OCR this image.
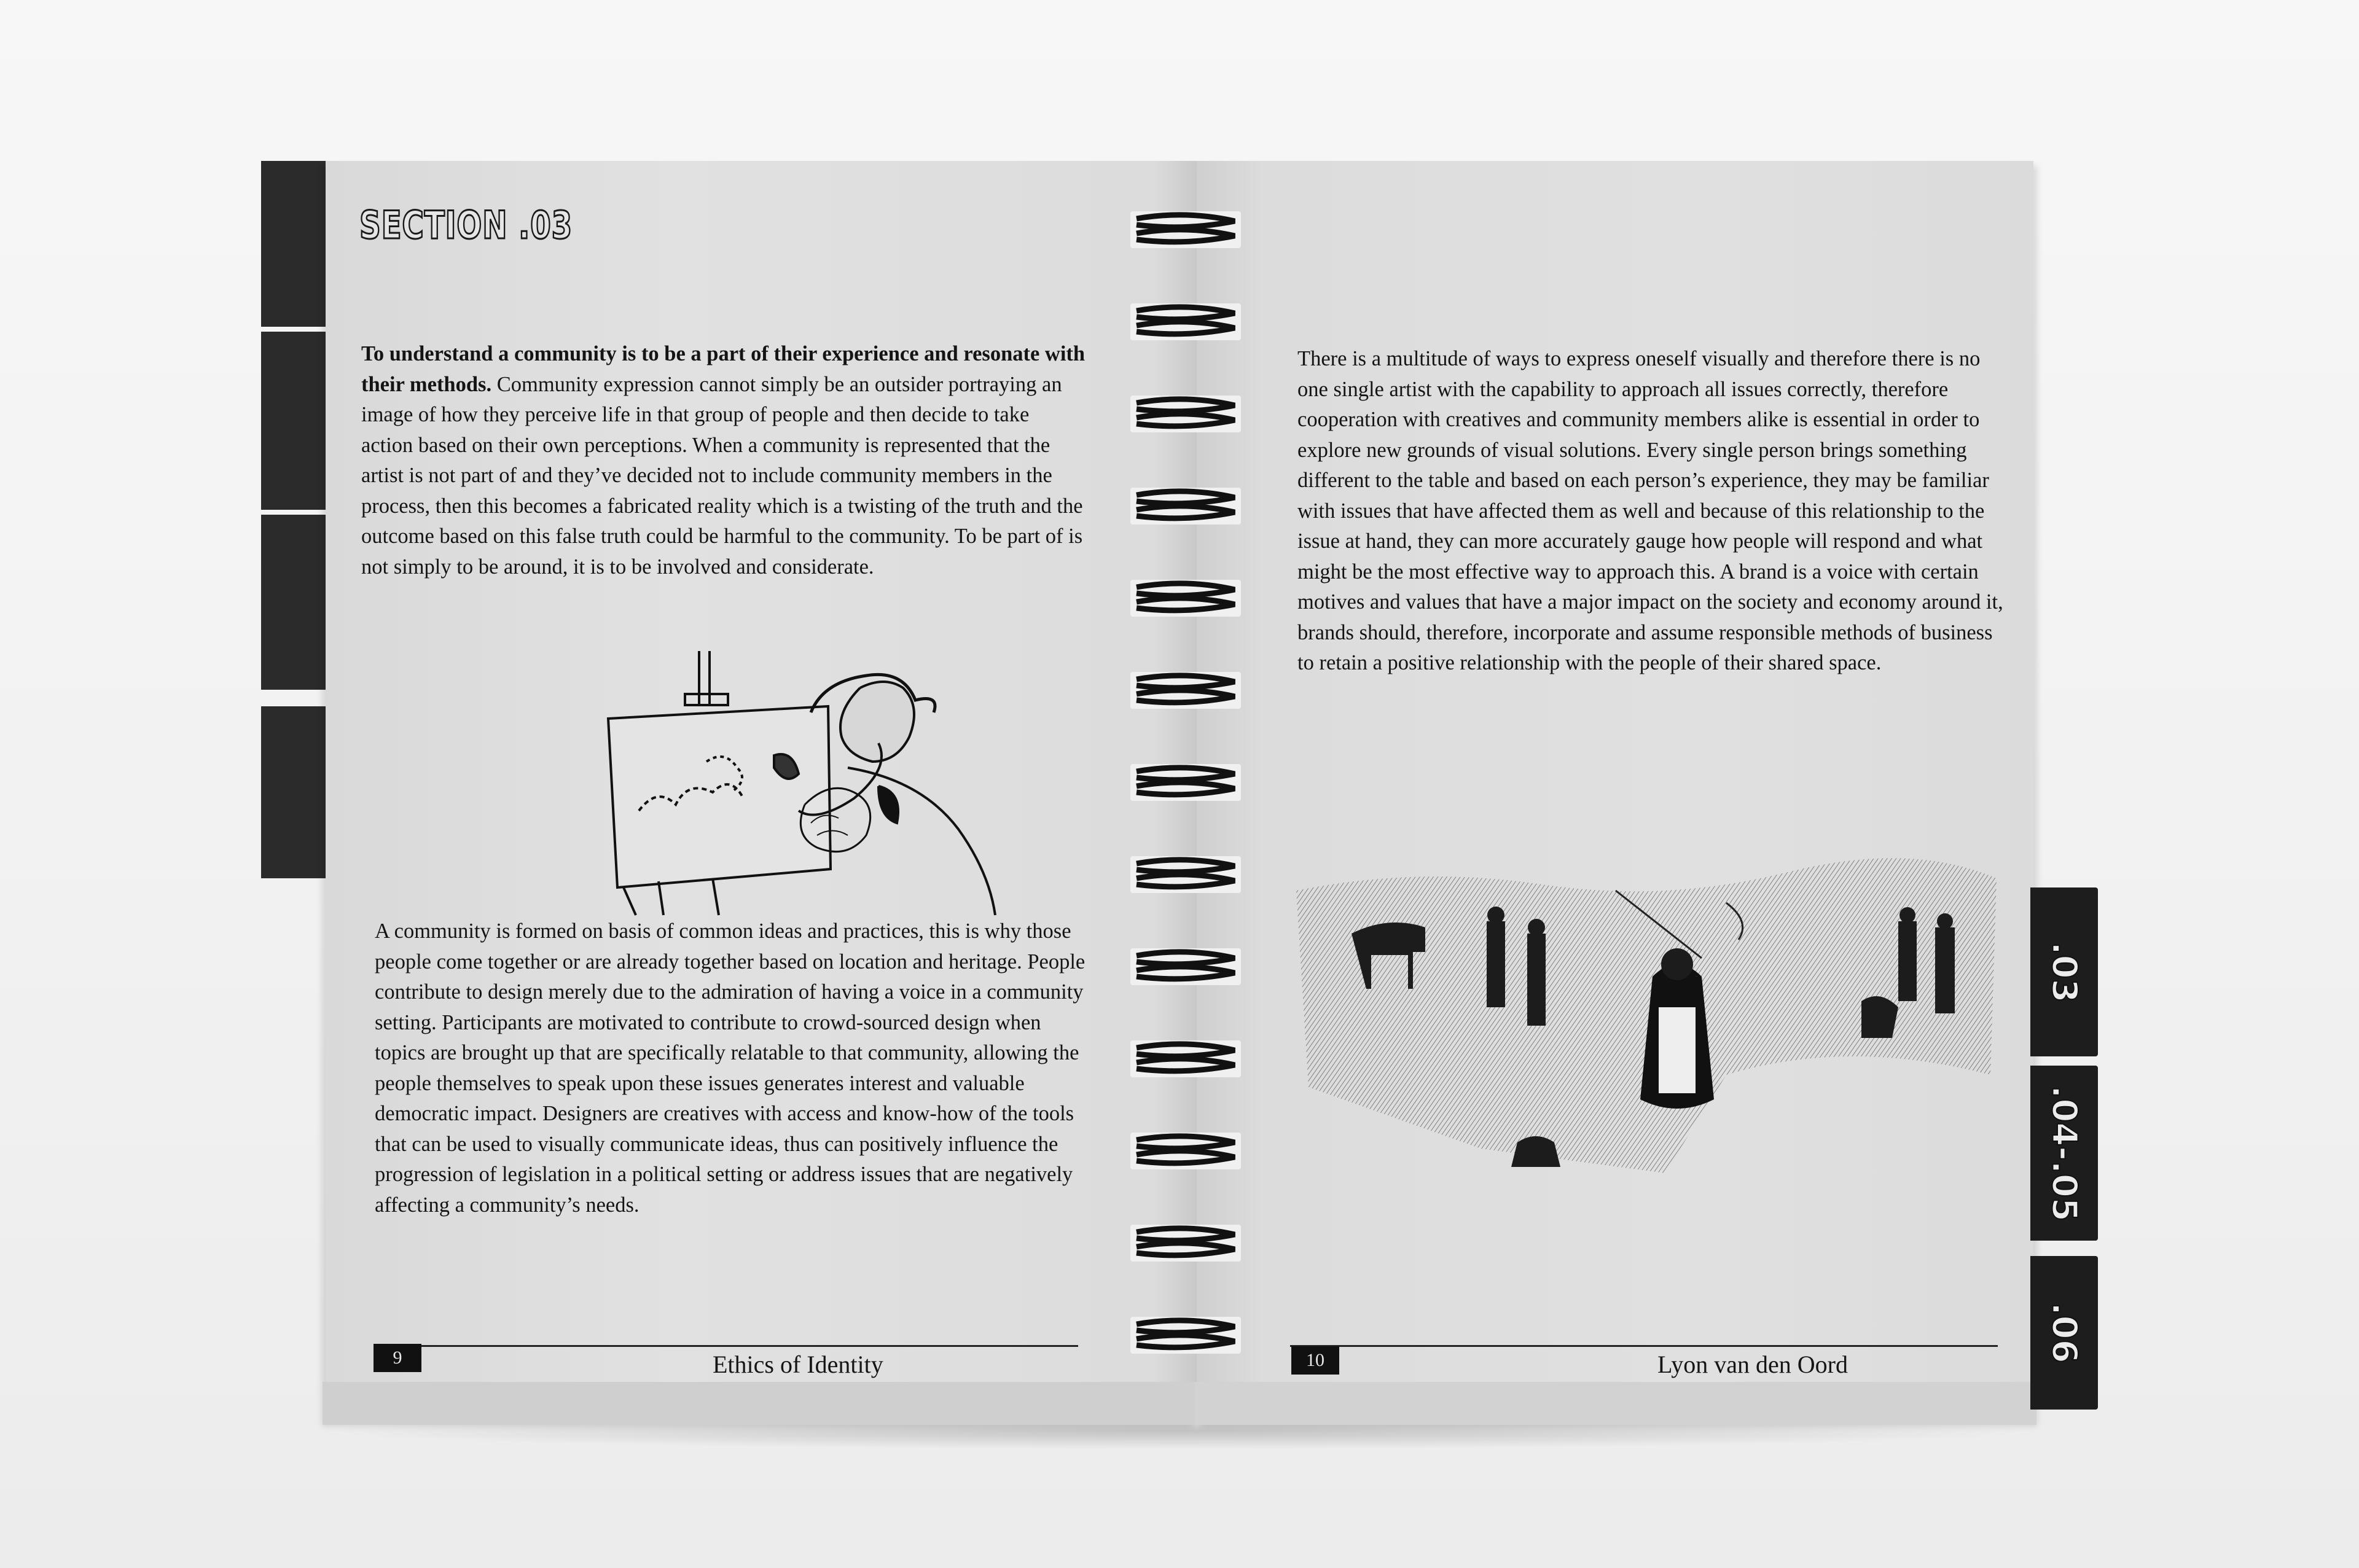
SECTION .03

To understand a community is to be a part of their experience and resonate with their methods. Community expression cannot simply be an outsider portraying an image of how they perceive life in that group of people and then decide to take action based on their own perceptions. When a community is represented that the artist is not part of and they’ve decided not to include community members in the process, then this becomes a fabricated reality which is a twisting of the truth and the outcome based on this false truth could be harmful to the community. To be part of is not simply to be around, it is to be involved and considerate.

A community is formed on basis of common ideas and practices, this is why those people come together or are already together based on location and heritage. People contribute to design merely due to the admiration of having a voice in a community setting. Participants are motivated to contribute to crowd-sourced design when topics are brought up that are specifically relatable to that community, allowing the people themselves to speak upon these issues generates interest and valuable democratic impact. Designers are creatives with access and know-how of the tools that can be used to visually communicate ideas, thus can positively influence the progression of legislation in a political setting or address issues that are negatively affecting a community’s needs.

9	Ethics of Identity

There is a multitude of ways to express oneself visually and therefore there is no one single artist with the capability to approach all issues correctly, therefore cooperation with creatives and community members alike is essential in order to explore new grounds of visual solutions. Every single person brings something different to the table and based on each person’s experience, they may be familiar with issues that have affected them as well and because of this relationship to the issue at hand, they can more accurately gauge how people will respond and what might be the most effective way to approach this. A brand is a voice with certain motives and values that have a major impact on the society and economy around it, brands should, therefore, incorporate and assume responsible methods of business to retain a positive relationship with the people of their shared space.

10	Lyon van den Oord
.03
.04-.05
.06
